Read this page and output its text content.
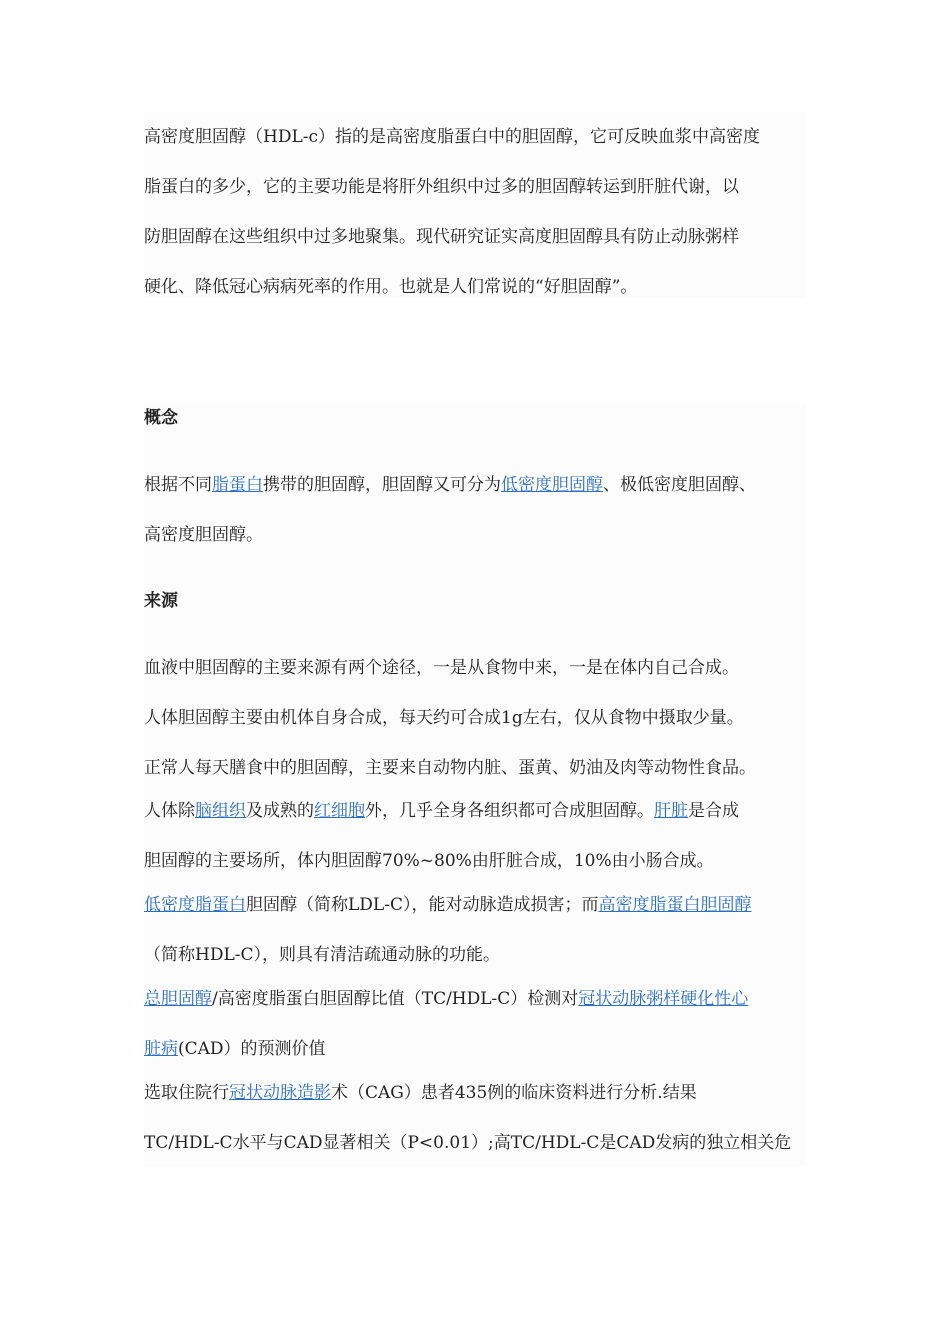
高密度胆固醇（HDL-c）指的是高密度脂蛋白中的胆固醇，它可反映血浆中高密度
脂蛋白的多少，它的主要功能是将肝外组织中过多的胆固醇转运到肝脏代谢，以
防胆固醇在这些组织中过多地聚集。现代研究证实高度胆固醇具有防止动脉粥样
硬化、降低冠心病病死率的作用。也就是人们常说的“好胆固醇”。
概念
根据不同脂蛋白携带的胆固醇，胆固醇又可分为低密度胆固醇、极低密度胆固醇、
高密度胆固醇。
来源
血液中胆固醇的主要来源有两个途径，一是从食物中来，一是在体内自己合成。
人体胆固醇主要由机体自身合成，每天约可合成1g左右，仅从食物中摄取少量。
正常人每天膳食中的胆固醇，主要来自动物内脏、蛋黄、奶油及肉等动物性食品。
人体除脑组织及成熟的红细胞外，几乎全身各组织都可合成胆固醇。肝脏是合成
胆固醇的主要场所，体内胆固醇70%~80%由肝脏合成，10%由小肠合成。
低密度脂蛋白胆固醇（简称LDL-C），能对动脉造成损害；而高密度脂蛋白胆固醇
（简称HDL-C），则具有清洁疏通动脉的功能。
总胆固醇/高密度脂蛋白胆固醇比值（TC/HDL-C）检测对冠状动脉粥样硬化性心
脏病(CAD）的预测价值
选取住院行冠状动脉造影术（CAG）患者435例的临床资料进行分析.结果
TC/HDL-C水平与CAD显著相关（P<0.01）;高TC/HDL-C是CAD发病的独立相关危
